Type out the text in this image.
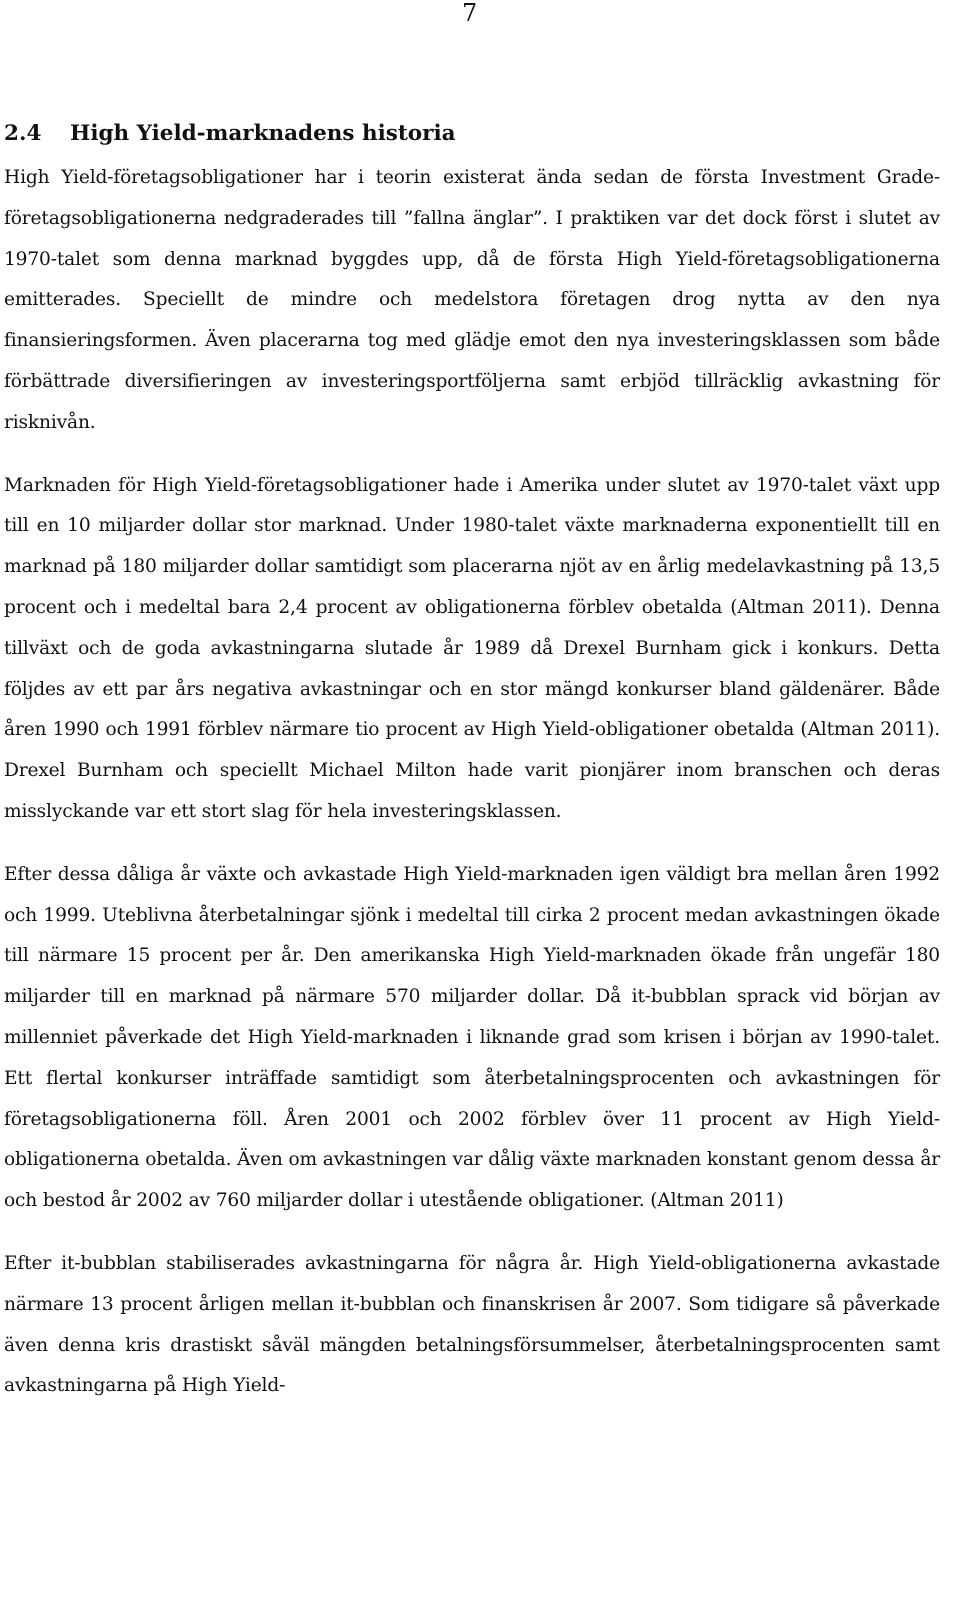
7
2.4 High Yield-marknadens historia

High Yield-företagsobligationer har i teorin existerat ända sedan de första Investment Grade-företagsobligationerna nedgraderades till ”fallna änglar”. I praktiken var det dock först i slutet av 1970-talet som denna marknad byggdes upp, då de första High Yield-företagsobligationerna emitterades. Speciellt de mindre och medelstora företagen drog nytta av den nya finansieringsformen. Även placerarna tog med glädje emot den nya investeringsklassen som både förbättrade diversifieringen av investeringsportföljerna samt erbjöd tillräcklig avkastning för risknivån.

Marknaden för High Yield-företagsobligationer hade i Amerika under slutet av 1970-talet växt upp till en 10 miljarder dollar stor marknad. Under 1980-talet växte marknaderna exponentiellt till en marknad på 180 miljarder dollar samtidigt som placerarna njöt av en årlig medelavkastning på 13,5 procent och i medeltal bara 2,4 procent av obligationerna förblev obetalda (Altman 2011). Denna tillväxt och de goda avkastningarna slutade år 1989 då Drexel Burnham gick i konkurs. Detta följdes av ett par års negativa avkastningar och en stor mängd konkurser bland gäldenärer. Både åren 1990 och 1991 förblev närmare tio procent av High Yield-obligationer obetalda (Altman 2011). Drexel Burnham och speciellt Michael Milton hade varit pionjärer inom branschen och deras misslyckande var ett stort slag för hela investeringsklassen.

Efter dessa dåliga år växte och avkastade High Yield-marknaden igen väldigt bra mellan åren 1992 och 1999. Uteblivna återbetalningar sjönk i medeltal till cirka 2 procent medan avkastningen ökade till närmare 15 procent per år. Den amerikanska High Yield-marknaden ökade från ungefär 180 miljarder till en marknad på närmare 570 miljarder dollar. Då it-bubblan sprack vid början av millenniet påverkade det High Yield-marknaden i liknande grad som krisen i början av 1990-talet. Ett flertal konkurser inträffade samtidigt som återbetalningsprocenten och avkastningen för företagsobligationerna föll. Åren 2001 och 2002 förblev över 11 procent av High Yield-obligationerna obetalda. Även om avkastningen var dålig växte marknaden konstant genom dessa år och bestod år 2002 av 760 miljarder dollar i utestående obligationer. (Altman 2011)

Efter it-bubblan stabiliserades avkastningarna för några år. High Yield-obligationerna avkastade närmare 13 procent årligen mellan it-bubblan och finanskrisen år 2007. Som tidigare så påverkade även denna kris drastiskt såväl mängden betalningsförsummelser, återbetalningsprocenten samt avkastningarna på High Yield-
